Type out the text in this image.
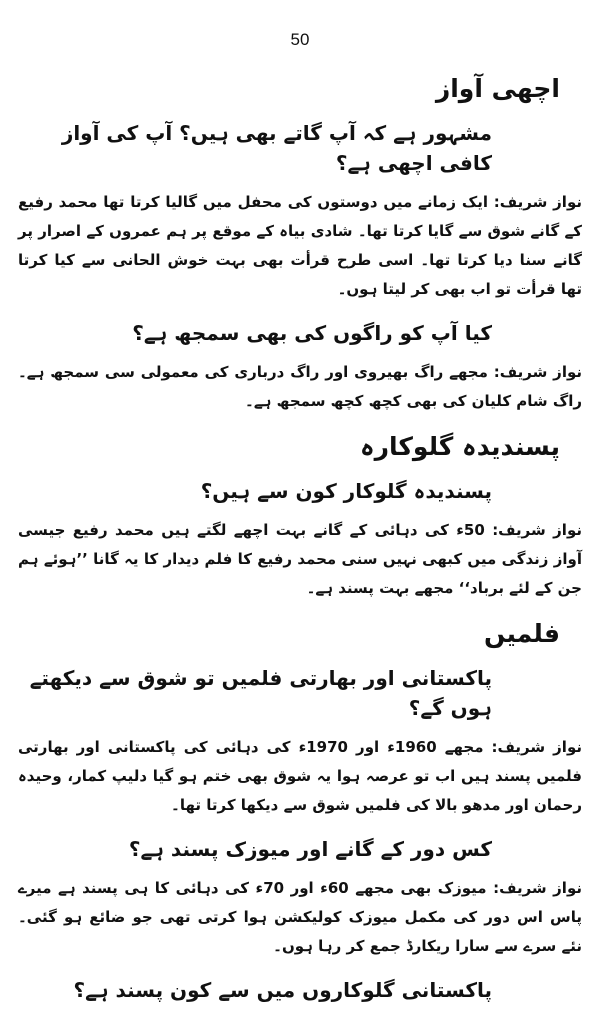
50
اچھی آواز
مشہور ہے کہ آپ گاتے بھی ہیں؟ آپ کی آواز کافی اچھی ہے؟
نواز شریف: ایک زمانے میں دوستوں کی محفل میں گالیا کرتا تھا محمد رفیع کے گانے شوق سے گایا کرتا تھا۔ شادی بیاہ کے موقع پر ہم عمروں کے اصرار پر گانے سنا دیا کرتا تھا۔ اسی طرح قرأت بھی بہت خوش الحانی سے کیا کرتا تھا قرأت تو اب بھی کر لیتا ہوں۔
کیا آپ کو راگوں کی بھی سمجھ ہے؟
نواز شریف: مجھے راگ بھیروی اور راگ درباری کی معمولی سی سمجھ ہے۔ راگ شام کلیان کی بھی کچھ کچھ سمجھ ہے۔
پسندیدہ گلوکارہ
پسندیدہ گلوکار کون سے ہیں؟
نواز شریف: 50ء کی دہائی کے گانے بہت اچھے لگتے ہیں محمد رفیع جیسی آواز زندگی میں کبھی نہیں سنی محمد رفیع کا فلم دیدار کا یہ گانا ’’ہوئے ہم جن کے لئے برباد‘‘ مجھے بہت پسند ہے۔
فلمیں
پاکستانی اور بھارتی فلمیں تو شوق سے دیکھتے ہوں گے؟
نواز شریف: مجھے 1960ء اور 1970ء کی دہائی کی پاکستانی اور بھارتی فلمیں پسند ہیں اب تو عرصہ ہوا یہ شوق بھی ختم ہو گیا دلیپ کمار، وحیدہ رحمان اور مدھو بالا کی فلمیں شوق سے دیکھا کرتا تھا۔
کس دور کے گانے اور میوزک پسند ہے؟
نواز شریف: میوزک بھی مجھے 60ء اور 70ء کی دہائی کا ہی پسند ہے میرے پاس اس دور کی مکمل میوزک کولیکشن ہوا کرتی تھی جو ضائع ہو گئی۔ نئے سرے سے سارا ریکارڈ جمع کر رہا ہوں۔
پاکستانی گلوکاروں میں سے کون پسند ہے؟
